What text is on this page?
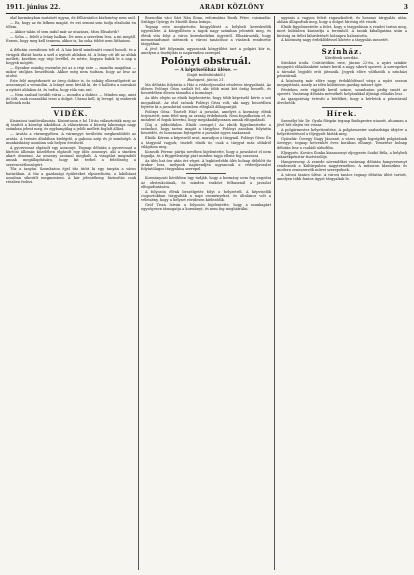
1911. június 22.	ARADI KÖZLÖNY	3

olaf kormányban mutatott ugyan, de félhivatalos közlemény nem szól.

— Ez, hogy az én lelkem magáé, és ezt semmi sem tudja elrabolni én tőlem.

— Akkor talán el sem indul már az utazásra, Miss Elisabeth?

— Soha — felelt a leány halkan. De nem a szerelem lesz, a mi megáll. Érzem, hogy meg kell tennem, akkor is, ha soha többé nem láthatom.

A délután csendesen telt el. A ház körül mindenütt csend honolt, és a virágok illatát hozta a szél a nyitott ablakon át. A leány ott ült az ablak mellett, kezében egy régi levéllel, és nézte, hogyan bukik le a nap a hegyek mögött.

— Ilyenkor mindig eszembe jut az a régi este — mondta magában — mikor utoljára beszéltünk. Akkor még nem tudtam, hogy az lesz az utolsó.

Este felé megérkezett az öreg doktor is, és sokáig elbeszélgetett az asszonnyal a verandán. A leányt nem hívták ki, de ő hallotta a szavakat a nyitott ablakon át, és tudta, hogy róla van szó.

— Nem szabad tovább várni — mondta a doktor. — Minden nap, amit itt tölt, csak rosszabbá teszi a dolgot. Utazni kell, új levegő, új emberek kellenek neki.

VIDÉK.

Kisiratosi tanítóválasztás. Kisiratoson e hó 18-án választották meg az új tanítót a községi iskolához. A választáson a község lakossága nagy számban jelent meg, és egyhangúlag a jelölt mellett foglalt állást.

— Aratás a vármegyében. A vármegye területén megkezdődött az aratás. A termés általában kielégítő, a gabona szép és jó minőségű. A munkáshiány azonban sok helyen érezhető.

A gyorsvonat elgázolt egy asszonyt. Tegnap délután a gyorsvonat a kürtösi állomás közelében elgázolt egy idős asszonyt, aki a síneken akart átmenni. Az asszony azonnal meghalt. A vizsgálat megindult annak megállapítására, hogy kit terhel a felelősség a szerencsétlenségért.

Tűz a tanyán. Szombaton éjjel tűz ütött ki egy tanyán a város határában. A tűz a gazdasági épületeket elpusztította, a lakóházat azonban sikerült megmenteni. A kár jelentékeny, biztosítás csak részben fedezi.

Bozsodán váci Sári Nán Ilona, református Rozik Péter, csizmadia: Szilágyi György és Mezőfi Ilona leánya.

Tegnap este megtartotta közgyűlését a helybeli kereskedők egyesülete. A közgyűlésen a tagok nagy számban jelentek meg, és élénk vita folyt a város kereskedelmi ügyeiről. Elhatározták, hogy memorandumot intéznek a városi tanácshoz a vásárok rendezése tárgyában.

A jövő hét folyamán ugyancsak közgyűlést tart a polgári kör is, amelyen a tisztújítás is napirenden szerepel.

Polónyi obstruál.

— A képviselőház ülése. —

(Saját tudósítónktól.)

Budapest, június 21.

Ma délután folytatta a Ház a véderőjavaslat részletes tárgyalását. Az ülésen Polónyi Géza szólalt fel, aki több mint két óráig beszélt, és beszédében élesen támadta a kormányt.

Az ülés elején az elnök bejelentette, hogy több képviselő kérte a szó megadását. Az első szónok Polónyi Géza volt, aki nagy beszédben fejtette ki a javaslattal szemben elfoglalt álláspontját.

Polónyi Géza: Tisztelt Ház! A javaslat, amelyet a kormány elénk terjesztett, nem felel meg az ország érdekeinek. Nem fogadhatom el, és mindent el fogok követni, hogy megakadályozzam annak elfogadását.

(Zaj a jobboldalon. Elnök csenget.) Az elnök figyelmeztette a szónokot, hogy tartsa magát a tárgyhoz. Polónyi azonban folytatta beszédét, és hosszasan fejtegette a javaslat egyes szakaszait.

Elnök: Kérem a képviselő urat, maradjon a tárgynál. Polónyi Géza: Én a tárgynál vagyok, tisztelt elnök úr, csak a tárgyat más oldalról világítom meg.

Kossuth Ferenc pártja nevében kijelentette, hogy a javaslatot el nem fogadja, és a függetlenségi párt minden tagja ellene fog szavazni.

Az ülés hat óra után ért véget. A legközelebbi ülés holnap délelőtt tíz órakor lesz, melynek napirendjén ugyancsak a véderőjavaslat folytatólagos tárgyalása szerepel.

Kormányzati körökben úgy tudják, hogy a kormány nem fog engedni az obstrukciónak, és minden eszközt felhasznál a javaslat elfogadtatására.

A folyosón élénk beszélgetés folyt a helyzetről. A képviselők csoportokban tárgyalták a napi eseményeket, és általános volt a vélemény, hogy a helyzet rövidesen kiéleződik.

Gróf Tisza István a folyosón kijelentette, hogy a munkapárt egységesen támogatja a kormányt, és nem fog meghátrálni.

ugyanis a vagyon felett ragaszkodott, és hosszas tárgyalás után, abban állapodtak meg, hogy a dolgot bíróság elé viszik.

Elnök figyelmeztette a felet, hogy a tárgyaláson a rendet tartsa meg, mert különben kiutasítja a teremből. A tanúk kihallgatása után a bíróság az ítélet kihirdetését holnapra halasztotta.

A közönség nagy érdeklődéssel kísérte a tárgyalás menetét.

Színház.

Kérdések szerdán.

Színházi iroda. Csütörtökön este, június 22-én, a nyári színkör megnyitó előadásaként színre kerül a nagy sikerű operett. A szerepeket a társulat legjobb erői játsszák. Jegyek előre válthatók a színházi pénztárnál.

A közönség már előre nagy érdeklődéssel várja a nyári szezon megnyitását, amely az idén különösen gazdag műsort ígér.

Pénteken este vígjáték kerül színre, szombaton pedig ismét az operett. Vasárnap délután mérsékelt helyárakkal ifjúsági előadás lesz.

Az igazgatóság értesíti a bérlőket, hogy a bérletek a pénztárnál átvehetők.

Hírek.

Személyi hír. Dr. Gyula főispán tegnap Budapestre utazott, ahonnan a jövő hét elején tér vissza.

A polgármester helyettesítése. A polgármester szabadsága idejére a helyettesítéssel a főjegyzőt bízták meg.

Gyászhír. Özvegy Nagy Jánosné, a város egyik legrégibb polgárának özvegye, tegnap hetvenhét éves korában elhunyt. Temetése holnap délután lesz a családi sírboltba.

Eljegyzés. Kovács Ilonka kisasszonyt eljegyezte Szabó Béla, a helybeli takarékpénztár tisztviselője.

Hangverseny. A zenede növendékei vasárnap délután hangversenyt rendeznek a Kultúrpalota nagytermében. A műsoron klasszikus és modern zeneszerzők művei szerepelnek.

A városi tanács ülése. A városi tanács tegnap délután ülést tartott, amelyen több fontos ügyet tárgyaltak le.
